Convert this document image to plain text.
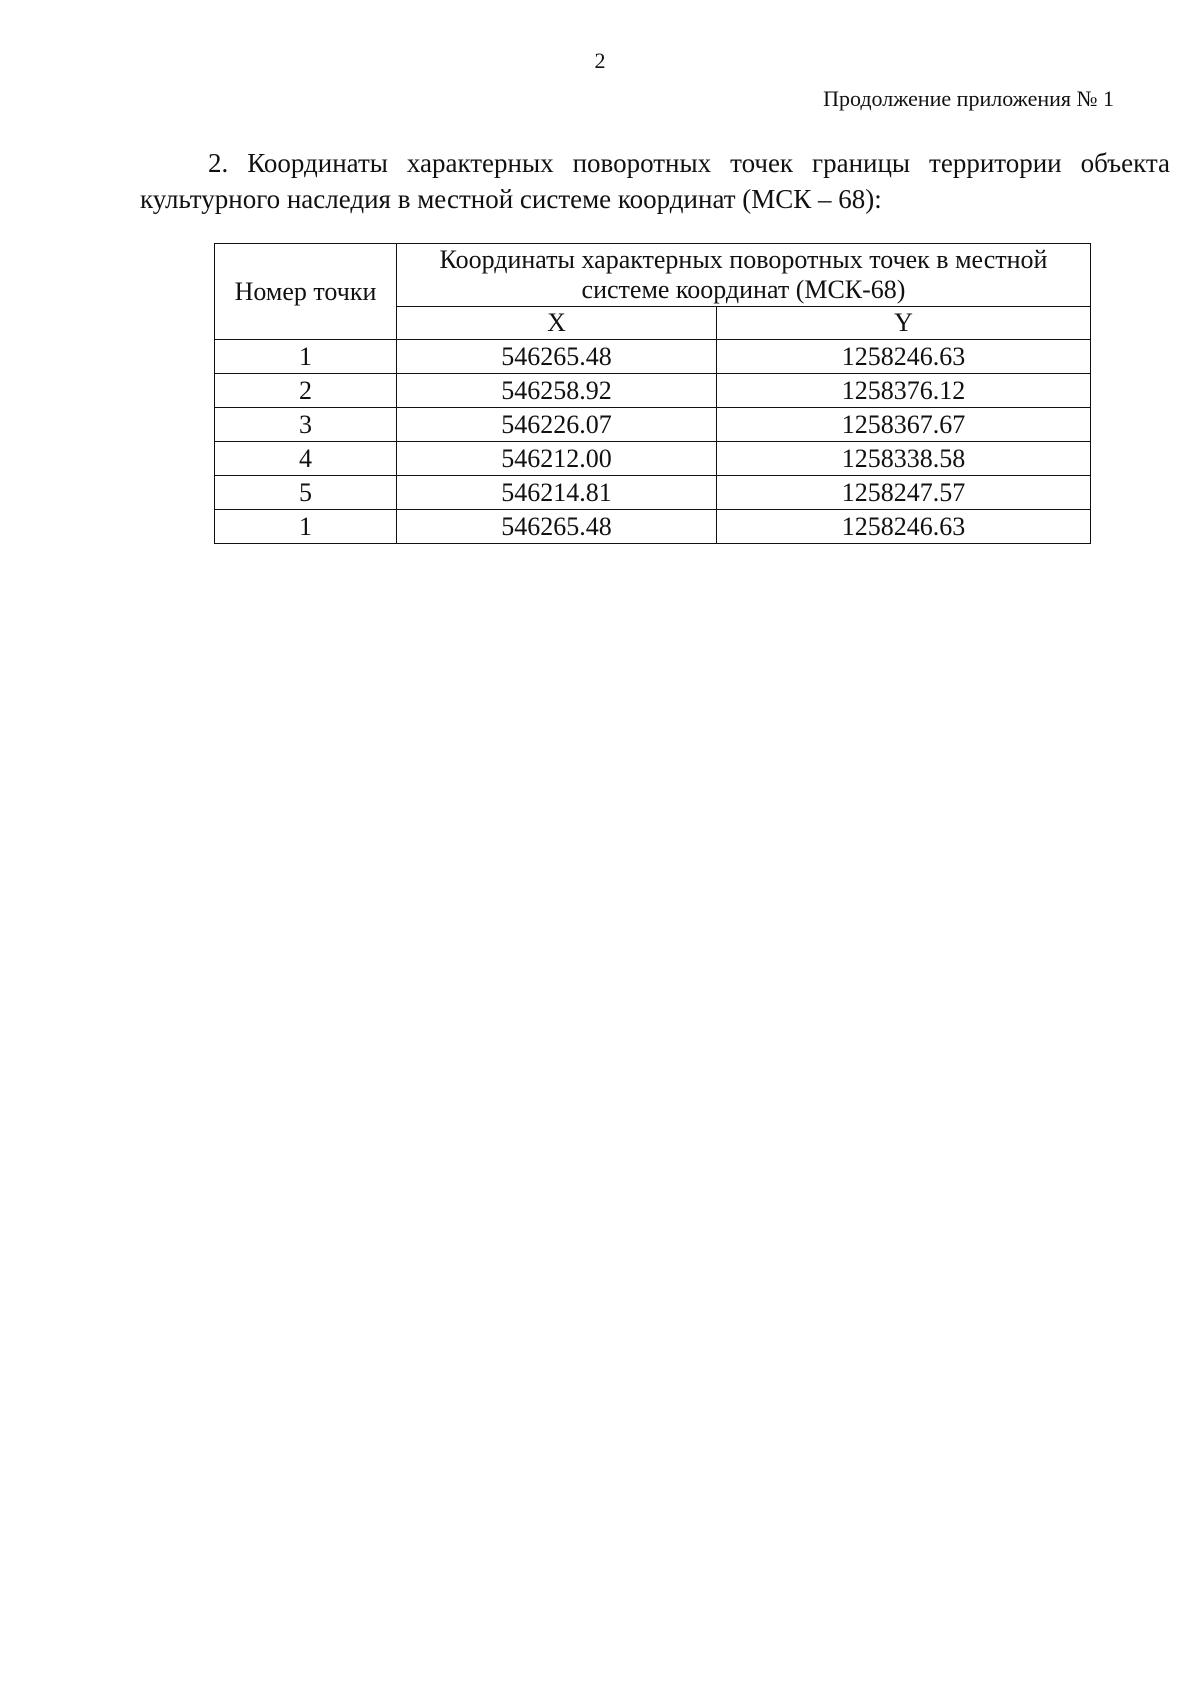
2
Продолжение приложения № 1

2. Координаты характерных поворотных точек границы территории объекта культурного наследия в местной системе координат (МСК – 68):

Номер точки	Координаты характерных поворотных точек в местной системе координат (МСК-68)	
	X	Y
1	546265.48	1258246.63
2	546258.92	1258376.12
3	546226.07	1258367.67
4	546212.00	1258338.58
5	546214.81	1258247.57
1	546265.48	1258246.63
